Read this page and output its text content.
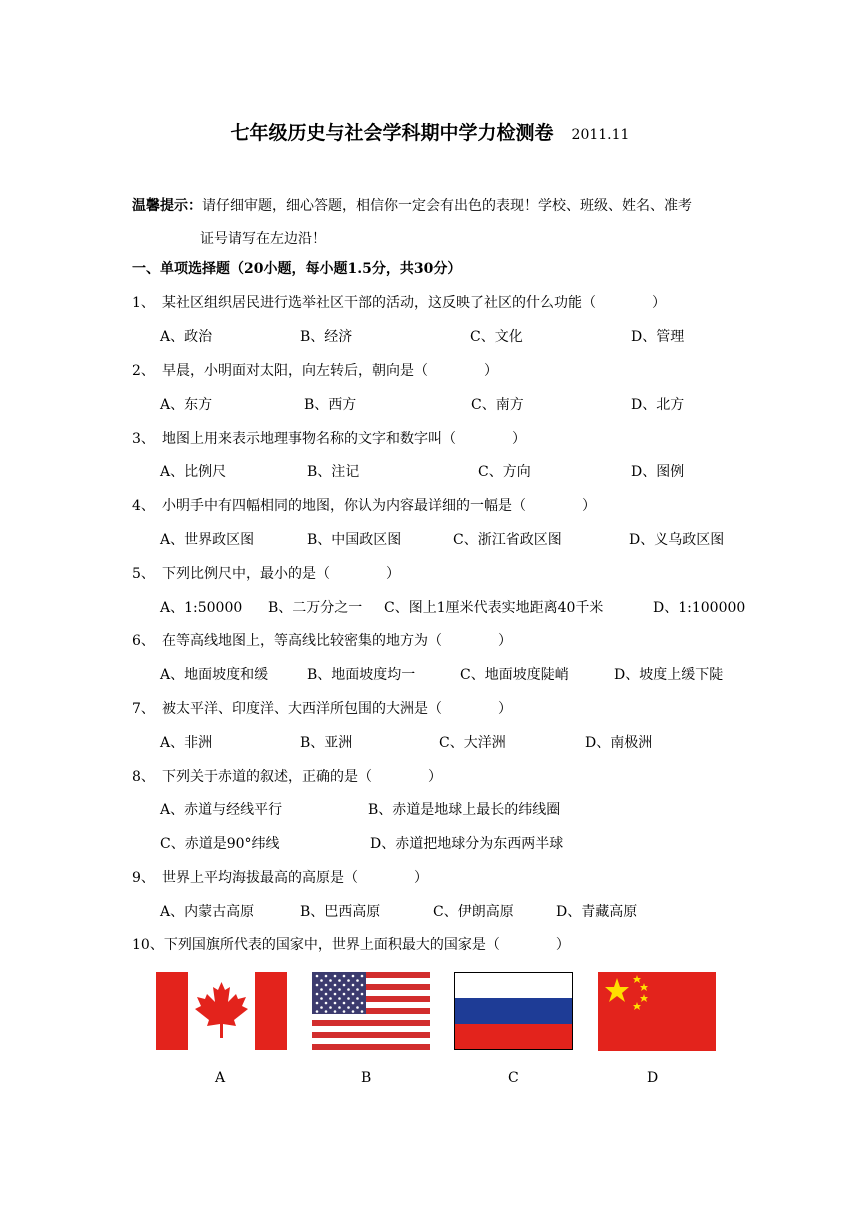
七年级历史与社会学科期中学力检测卷 2011.11
温馨提示：请仔细审题，细心答题，相信你一定会有出色的表现！学校、班级、姓名、准考
证号请写在左边沿！
一、单项选择题（20小题，每小题1.5分，共30分）
1、 某社区组织居民进行选举社区干部的活动，这反映了社区的什么功能（　　　　）
A、政治	B、经济	C、文化	D、管理
2、 早晨，小明面对太阳，向左转后，朝向是（　　　　）
A、东方	B、西方	C、南方	D、北方
3、 地图上用来表示地理事物名称的文字和数字叫（　　　　）
A、比例尺	B、注记	C、方向	D、图例
4、 小明手中有四幅相同的地图，你认为内容最详细的一幅是（　　　　）
A、世界政区图	B、中国政区图	C、浙江省政区图	D、义乌政区图
5、 下列比例尺中，最小的是（　　　　）
A、1:50000 B、二万分之一 C、图上1厘米代表实地距离40千米	D、1:100000
6、 在等高线地图上，等高线比较密集的地方为（　　　　）
A、地面坡度和缓	B、地面坡度均一	C、地面坡度陡峭	D、坡度上缓下陡
7、 被太平洋、印度洋、大西洋所包围的大洲是（　　　　）
A、非洲	B、亚洲	C、大洋洲	D、南极洲
8、 下列关于赤道的叙述，正确的是（　　　　）
A、赤道与经线平行	B、赤道是地球上最长的纬线圈
C、赤道是90°纬线	D、赤道把地球分为东西两半球
9、 世界上平均海拔最高的高原是（　　　　）
A、内蒙古高原	B、巴西高原	C、伊朗高原	D、青藏高原
10、下列国旗所代表的国家中，世界上面积最大的国家是（　　　　）
A	B	C	D
